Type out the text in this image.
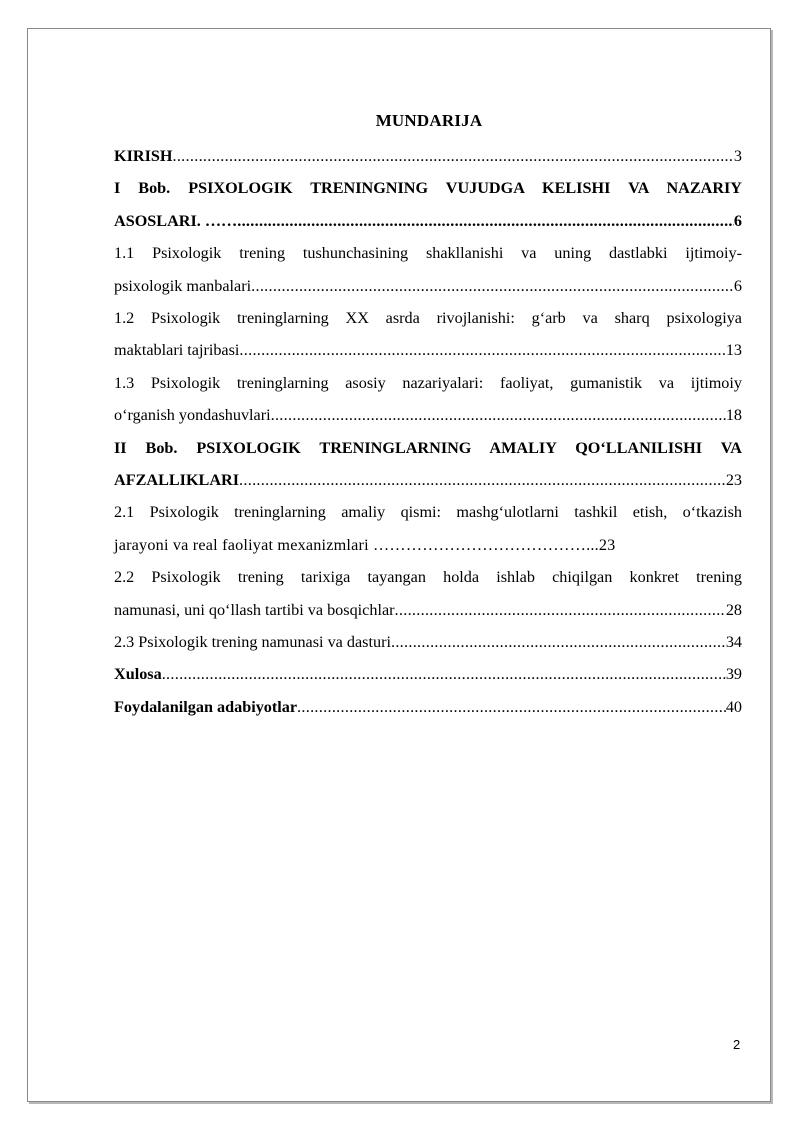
MUNDARIJA
KIRISH .....	3
I Bob. PSIXOLOGIK TRENINGNING VUJUDGA KELISHI VA NAZARIY
ASOSLARI. …… .....	6
1.1 Psixologik trening tushunchasining shakllanishi va uning dastlabki ijtimoiy-
psixologik manbalari .....	6
1.2 Psixologik treninglarning XX asrda rivojlanishi: g‘arb va sharq psixologiya
maktablari tajribasi .....	13
1.3 Psixologik treninglarning asosiy nazariyalari: faoliyat, gumanistik va ijtimoiy
o‘rganish yondashuvlari .....	18
II Bob. PSIXOLOGIK TRENINGLARNING AMALIY QO‘LLANILISHI VA
AFZALLIKLARI .....	23
2.1 Psixologik treninglarning amaliy qismi: mashg‘ulotlarni tashkil etish, o‘tkazish
jarayoni va real faoliyat mexanizmlari …………………………………...23
2.2 Psixologik trening tarixiga tayangan holda ishlab chiqilgan konkret trening
namunasi, uni qo‘llash tartibi va bosqichlar .....	28
2.3 Psixologik trening namunasi va dasturi .....	34
Xulosa .....	39
Foydalanilgan adabiyotlar .....	40
2
